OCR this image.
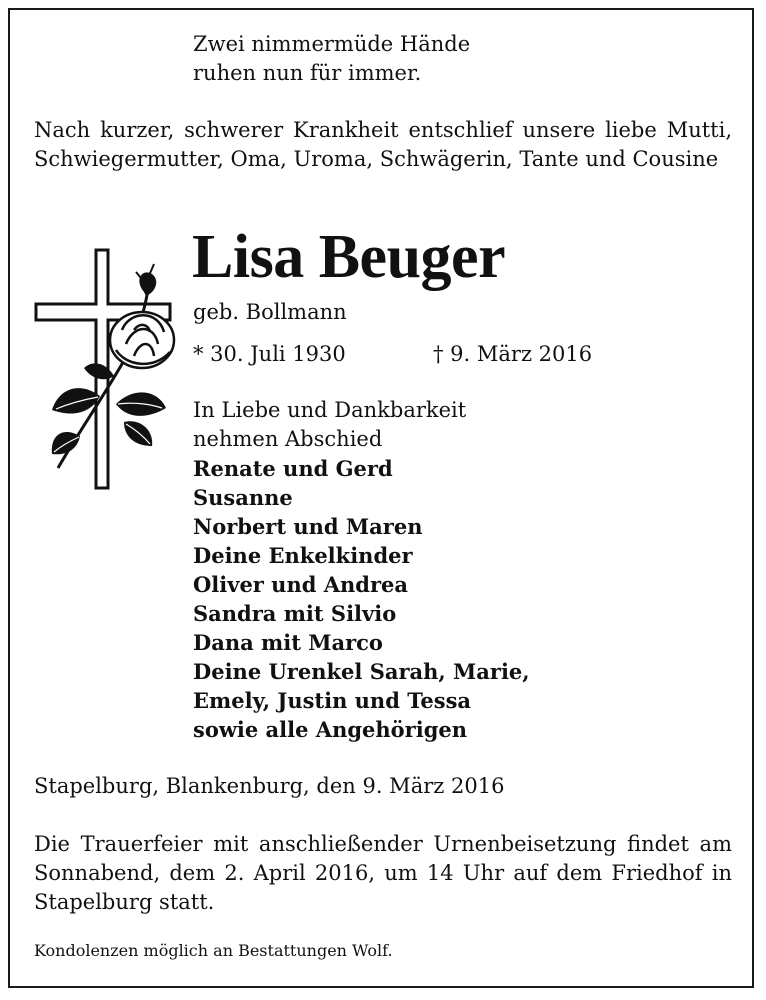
Zwei nimmermüde Hände
ruhen nun für immer.
Nach kurzer, schwerer Krankheit entschlief unsere liebe Mutti, Schwiegermutter, Oma, Uroma, Schwägerin, Tante und Cousine
Lisa Beuger
geb. Bollmann
* 30. Juli 1930	† 9. März 2016
In Liebe und Dankbarkeit
nehmen Abschied
Renate und Gerd
Susanne
Norbert und Maren
Deine Enkelkinder
Oliver und Andrea
Sandra mit Silvio
Dana mit Marco
Deine Urenkel Sarah, Marie,
Emely, Justin und Tessa
sowie alle Angehörigen
Stapelburg, Blankenburg, den 9. März 2016
Die Trauerfeier mit anschließender Urnenbeisetzung findet am Sonnabend, dem 2. April 2016, um 14 Uhr auf dem Friedhof in Stapelburg statt.
Kondolenzen möglich an Bestattungen Wolf.
